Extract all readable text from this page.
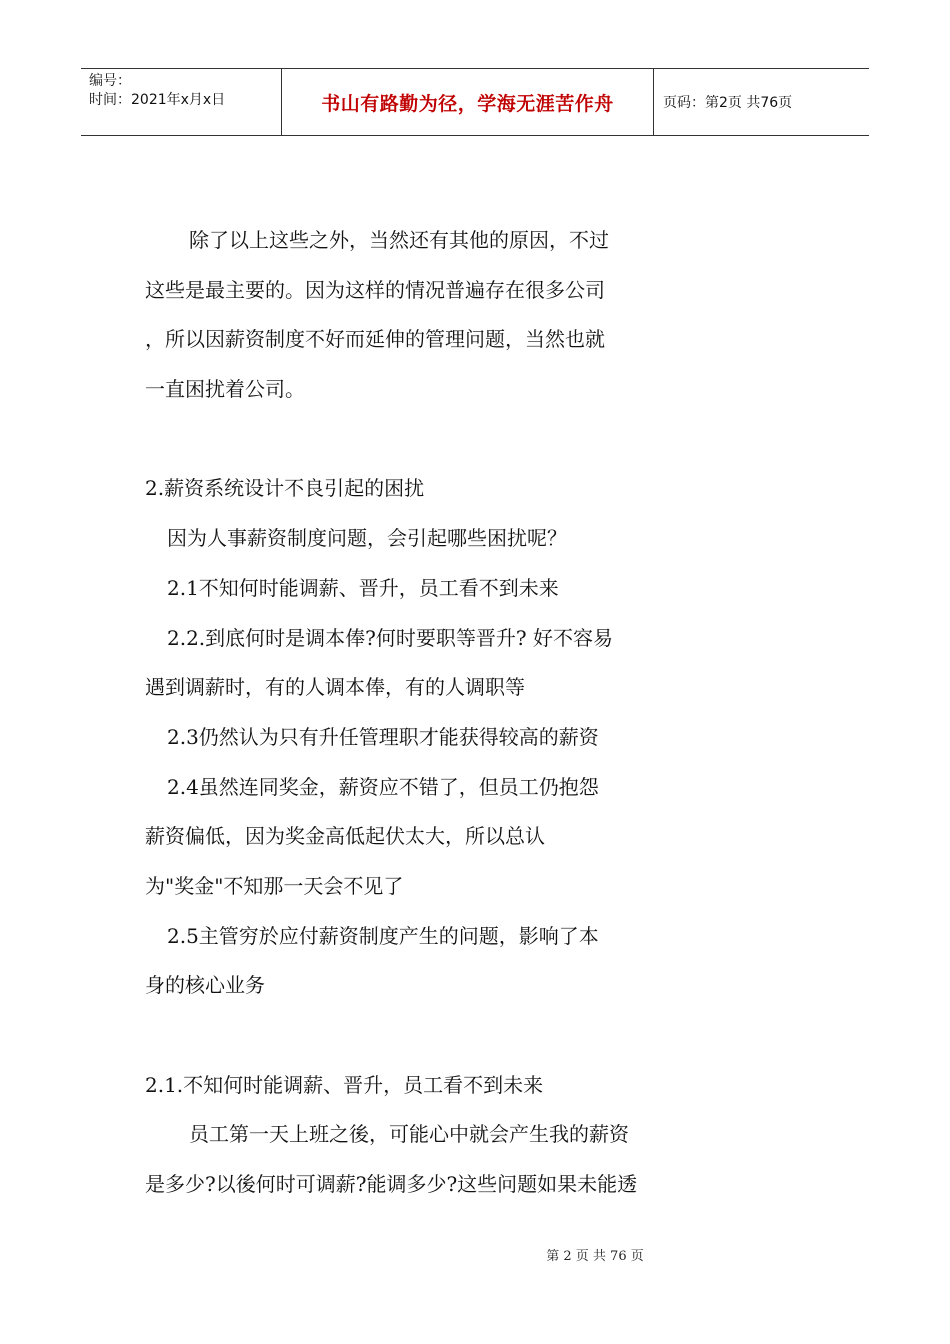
编号：
时间：2021年x月x日	书山有路勤为径，学海无涯苦作舟	页码：第2页 共76页
除了以上这些之外，当然还有其他的原因，不过
这些是最主要的。因为这样的情况普遍存在很多公司
，所以因薪资制度不好而延伸的管理问题，当然也就
一直困扰着公司。
2.薪资系统设计不良引起的困扰
因为人事薪资制度问题，会引起哪些困扰呢？
2.1不知何时能调薪、晋升，员工看不到未来
2.2.到底何时是调本俸?何时要职等晋升? 好不容易
遇到调薪时，有的人调本俸，有的人调职等
2.3仍然认为只有升任管理职才能获得较高的薪资
2.4虽然连同奖金，薪资应不错了，但员工仍抱怨
薪资偏低，因为奖金高低起伏太大，所以总认
为"奖金"不知那一天会不见了
2.5主管穷於应付薪资制度产生的问题，影响了本
身的核心业务
2.1.不知何时能调薪、晋升，员工看不到未来
员工第一天上班之後，可能心中就会产生我的薪资
是多少?以後何时可调薪?能调多少?这些问题如果未能透
第 2 页 共 76 页
